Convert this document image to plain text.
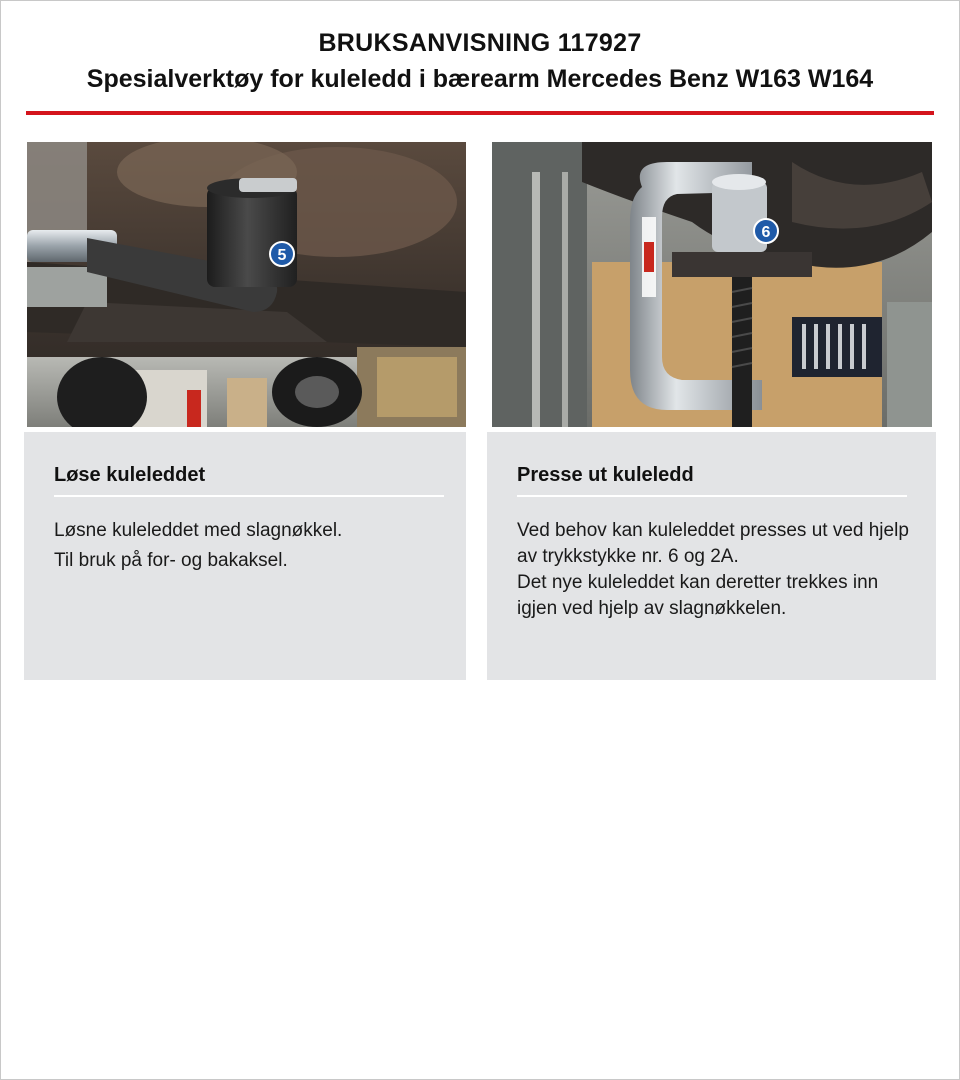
BRUKSANVISNING 117927
Spesialverktøy for kuleledd i bærearm Mercedes Benz W163 W164
5
6
Løse kuleleddet
Løsne kuleleddet med slagnøkkel.
Til bruk på for- og bakaksel.
Presse ut kuleledd
Ved behov kan kuleleddet presses ut ved hjelp
av trykkstykke nr. 6 og 2A.
Det nye kuleleddet kan deretter trekkes inn
igjen ved hjelp av slagnøkkelen.
